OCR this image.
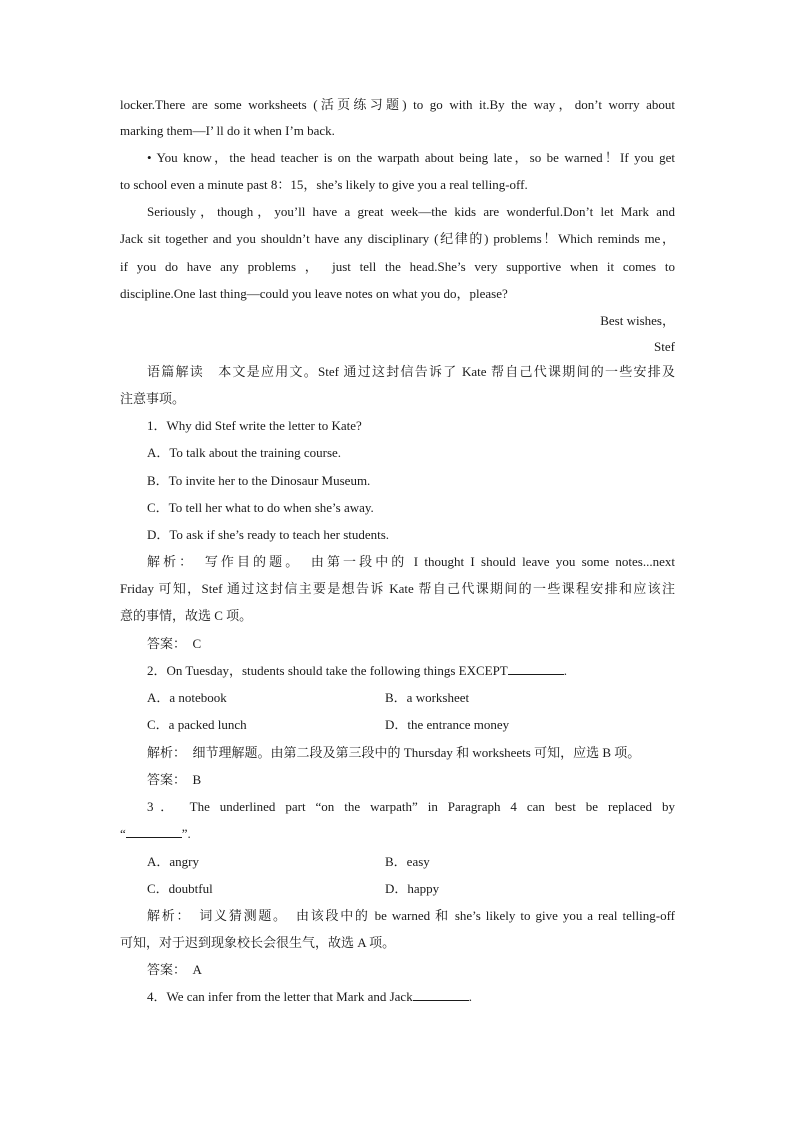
locker.There are some worksheets (活页练习题) to go with it.By the way，don’t worry about
marking them—I’ ll do it when I’m back.
• You know，the head teacher is on the warpath about being late，so be warned！If you get
to school even a minute past 8：15，she’s likely to give you a real telling-off.
Seriously，though，you’ll have a great week—the kids are wonderful.Don’t let Mark and
Jack sit together and you shouldn’t have any disciplinary (纪律的) problems！Which reminds me，
if you do have any problems ， just tell the head.She’s very supportive when it comes to
discipline.One last thing—could you leave notes on what you do，please?
Best wishes，
Stef
语篇解读　本文是应用文。Stef 通过这封信告诉了 Kate 帮自己代课期间的一些安排及
注意事项。
1．Why did Stef write the letter to Kate?
A．To talk about the training course.
B．To invite her to the Dinosaur Museum.
C．To tell her what to do when she’s away.
D．To ask if she’s ready to teach her students.
解析：　写作目的题。　由第一段中的 I thought I should leave you some notes...next
Friday 可知，Stef 通过这封信主要是想告诉 Kate 帮自己代课期间的一些课程安排和应该注
意的事情，故选 C 项。
答案：　C
2．On Tuesday，students should take the following things EXCEPT	.
A．a notebook	B．a worksheet
C．a packed lunch	D．the entrance money
解析：　细节理解题。由第二段及第三段中的 Thursday 和 worksheets 可知，应选 B 项。
答案：　B
3． The underlined part “on the warpath” in Paragraph 4 can best be replaced by
“	”.
A．angry	B．easy
C．doubtful	D．happy
解析：　词义猜测题。　由该段中的 be warned 和 she’s likely to give you a real telling-off
可知，对于迟到现象校长会很生气，故选 A 项。
答案：　A
4．We can infer from the letter that Mark and Jack	.
